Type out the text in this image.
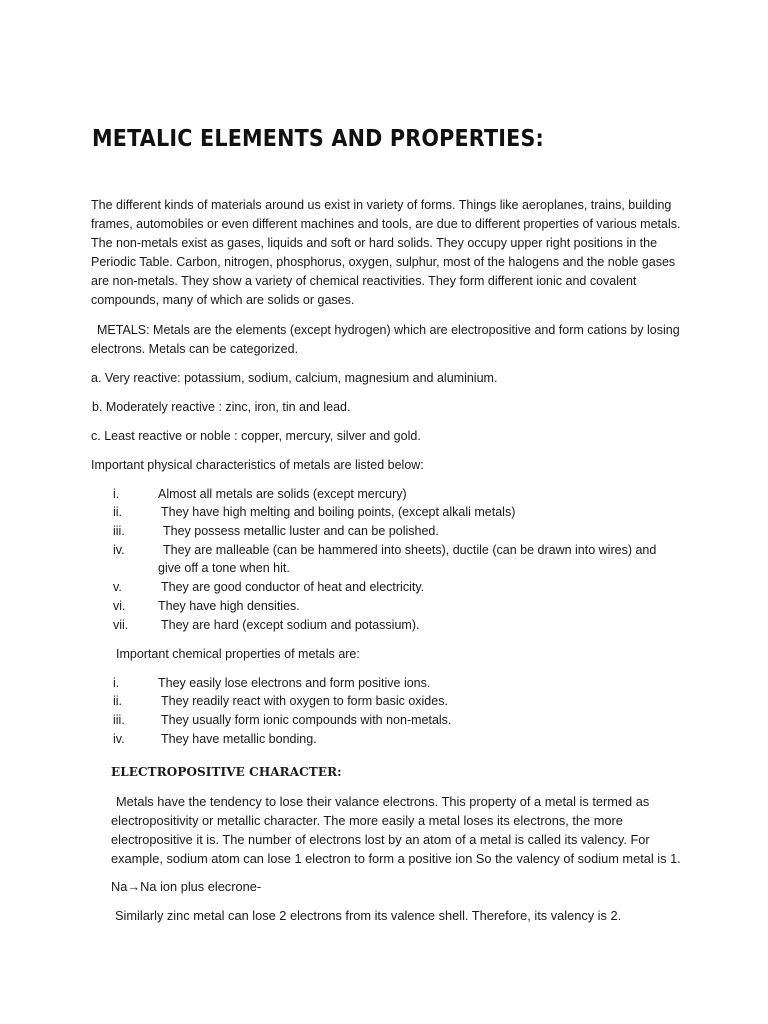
METALIC ELEMENTS AND PROPERTIES:
The different kinds of materials around us exist in variety of forms. Things like aeroplanes, trains, building frames, automobiles or even different machines and tools, are due to different properties of various metals. The non-metals exist as gases, liquids and soft or hard solids. They occupy upper right positions in the Periodic Table. Carbon, nitrogen, phosphorus, oxygen, sulphur, most of the halogens and the noble gases are non-metals. They show a variety of chemical reactivities. They form different ionic and covalent compounds, many of which are solids or gases.
METALS: Metals are the elements (except hydrogen) which are electropositive and form cations by losing electrons. Metals can be categorized.
a. Very reactive: potassium, sodium, calcium, magnesium and aluminium.
b. Moderately reactive : zinc, iron, tin and lead.
c. Least reactive or noble : copper, mercury, silver and gold.
Important physical characteristics of metals are listed below:
i.	Almost all metals are solids (except mercury)
ii.	They have high melting and boiling points, (except alkali metals)
iii.	They possess metallic luster and can be polished.
iv.	They are malleable (can be hammered into sheets), ductile (can be drawn into wires) and
give off a tone when hit.
v.	They are good conductor of heat and electricity.
vi.	They have high densities.
vii.	They are hard (except sodium and potassium).
Important chemical properties of metals are:
i.	They easily lose electrons and form positive ions.
ii.	They readily react with oxygen to form basic oxides.
iii.	They usually form ionic compounds with non-metals.
iv.	They have metallic bonding.
ELECTROPOSITIVE CHARACTER:
Metals have the tendency to lose their valance electrons. This property of a metal is termed as electropositivity or metallic character. The more easily a metal loses its electrons, the more electropositive it is. The number of electrons lost by an atom of a metal is called its valency. For example, sodium atom can lose 1 electron to form a positive ion So the valency of sodium metal is 1.
Na→Na ion plus elecrone-
Similarly zinc metal can lose 2 electrons from its valence shell. Therefore, its valency is 2.
